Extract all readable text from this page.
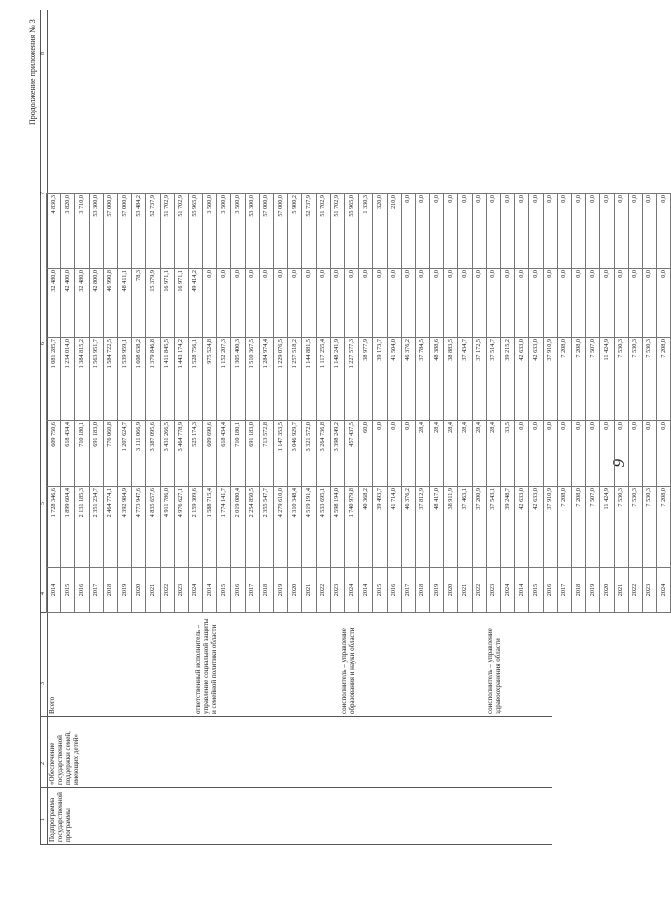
6
Продолжение приложения № 3
1
2
3
4
5
6
7
8
Подпрограмма государственной программы
«Обеспечение государственной поддержки семей, имеющих детей»
Всего	ответственный исполнитель – управление социальной защиты и семейной политики области	соисполнитель – управление образования и науки области	соисполнитель – управление здравоохранения области
2014	1 728 346,6	609 750,6	1 081 285,7	32 480,0	4 830,3
2015	1 899 604,4	618 434,4	1 234 014,0	42 400,0	3 820,0
2016	2 131 185,3	710 180,1	1 384 815,2	32 480,0	3 710,0
2017	2 351 234,7	691 183,0	1 563 951,7	42 800,0	53 300,0
2018	2 464 774,1	776 060,8	1 584 722,5	46 990,8	57 000,0
2019	4 392 984,9	1 207 624,7	1 539 959,1	48 411,1	57 000,0
2020	4 773 947,6	3 111 066,9	1 608 638,2	78,3	53 484,2
2021	4 835 657,6	3 387 095,6	1 379 846,8	15 379,9	52 737,9
2022	4 911 786,0	3 431 266,5	1 411 845,5	16 971,1	51 702,9
2023	4 976 627,1	3 464 778,9	1 443 174,2	16 971,1	51 702,9
2024	2 159 309,6	525 174,3	1 528 756,1	49 414,2	55 965,0
2014	1 588 715,4	609 690,6	975 524,8	0,0	3 500,0
2015	1 774 141,7	618 434,4	1 152 207,3	0,0	3 500,0
2016	2 019 080,4	710 180,1	1 305 400,3	0,0	3 500,0
2017	2 254 850,5	691 183,0	1 510 367,5	0,0	53 300,0
2018	2 355 547,7	713 572,8	1 284 974,4	0,0	57 000,0
2019	4 279 610,0	1 147 353,5	1 229 076,5	0,0	57 000,0
2020	4 310 348,4	3 046 929,7	1 257 518,2	0,0	5 900,2
2021	4 519 191,4	3 321 572,0	1 144 881,5	0,0	52 737,9
2022	4 533 695,1	3 264 736,8	1 117 255,4	0,0	51 702,9
2023	4 598 194,0	3 398 249,2	1 148 241,9	0,0	51 702,9
2024	1 740 979,8	457 437,5	1 227 577,3	0,0	55 965,0
2014	40 368,2	60,0	38 977,9	0,0	1 330,3
2015	39 493,7	0,0	39 173,7	0,0	320,0
2016	41 714,0	0,0	41 504,0	0,0	210,0
2017	46 376,2	0,0	46 376,2	0,0	0,0
2018	37 812,9	28,4	37 784,5	0,0	0,0
2019	48 417,0	28,4	48 388,6	0,0	0,0
2020	38 911,9	28,4	38 883,5	0,0	0,0
2021	37 463,1	28,4	37 434,7	0,0	0,0
2022	37 200,9	28,4	37 172,5	0,0	0,0
2023	37 543,1	28,4	37 514,7	0,0	0,0
2024	39 248,7	33,5	39 215,2	0,0	0,0
2014	42 633,0	0,0	42 633,0	0,0	0,0
2015	42 633,0	0,0	42 633,0	0,0	0,0
2016	37 910,9	0,0	37 910,9	0,0	0,0
2017	7 208,0	0,0	7 208,0	0,0	0,0
2018	7 208,0	0,0	7 208,0	0,0	0,0
2019	7 507,0	0,0	7 507,0	0,0	0,0
2020	11 424,9	0,0	11 424,9	0,0	0,0
2021	7 530,3	0,0	7 530,3	0,0	0,0
2022	7 530,3	0,0	7 530,3	0,0	0,0
2023	7 530,3	0,0	7 530,3	0,0	0,0
2024	7 208,0	0,0	7 208,0	0,0	0,0
